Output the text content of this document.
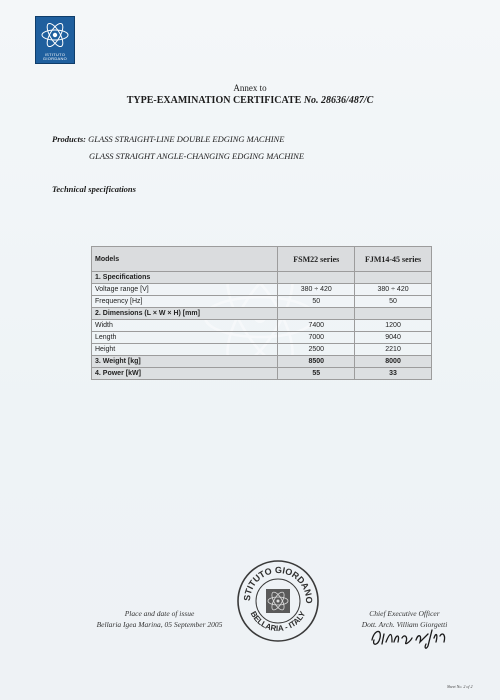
ISTITUTO GIORDANO
Annex to
TYPE-EXAMINATION CERTIFICATE No. 28636/487/C
Products: GLASS STRAIGHT-LINE DOUBLE EDGING MACHINE
GLASS STRAIGHT ANGLE-CHANGING EDGING MACHINE
Technical specifications
Models	FSM22 series	FJM14-45 series
1. Specifications		
Voltage range [V]	380 ÷ 420	380 ÷ 420
Frequency [Hz]	50	50
2. Dimensions (L × W × H) [mm]		
Width	7400	1200
Length	7000	9040
Height	2500	2210
3. Weight [kg]	8500	8000
4. Power [kW]	55	33
Place and date of issue
Bellaria Igea Marina, 05 September 2005
STITUTO GIORDANO
BELLARIA - ITALY	Chief Executive Officer
Dott. Arch. Villiam Giorgetti
Sheet No. 2 of 2
